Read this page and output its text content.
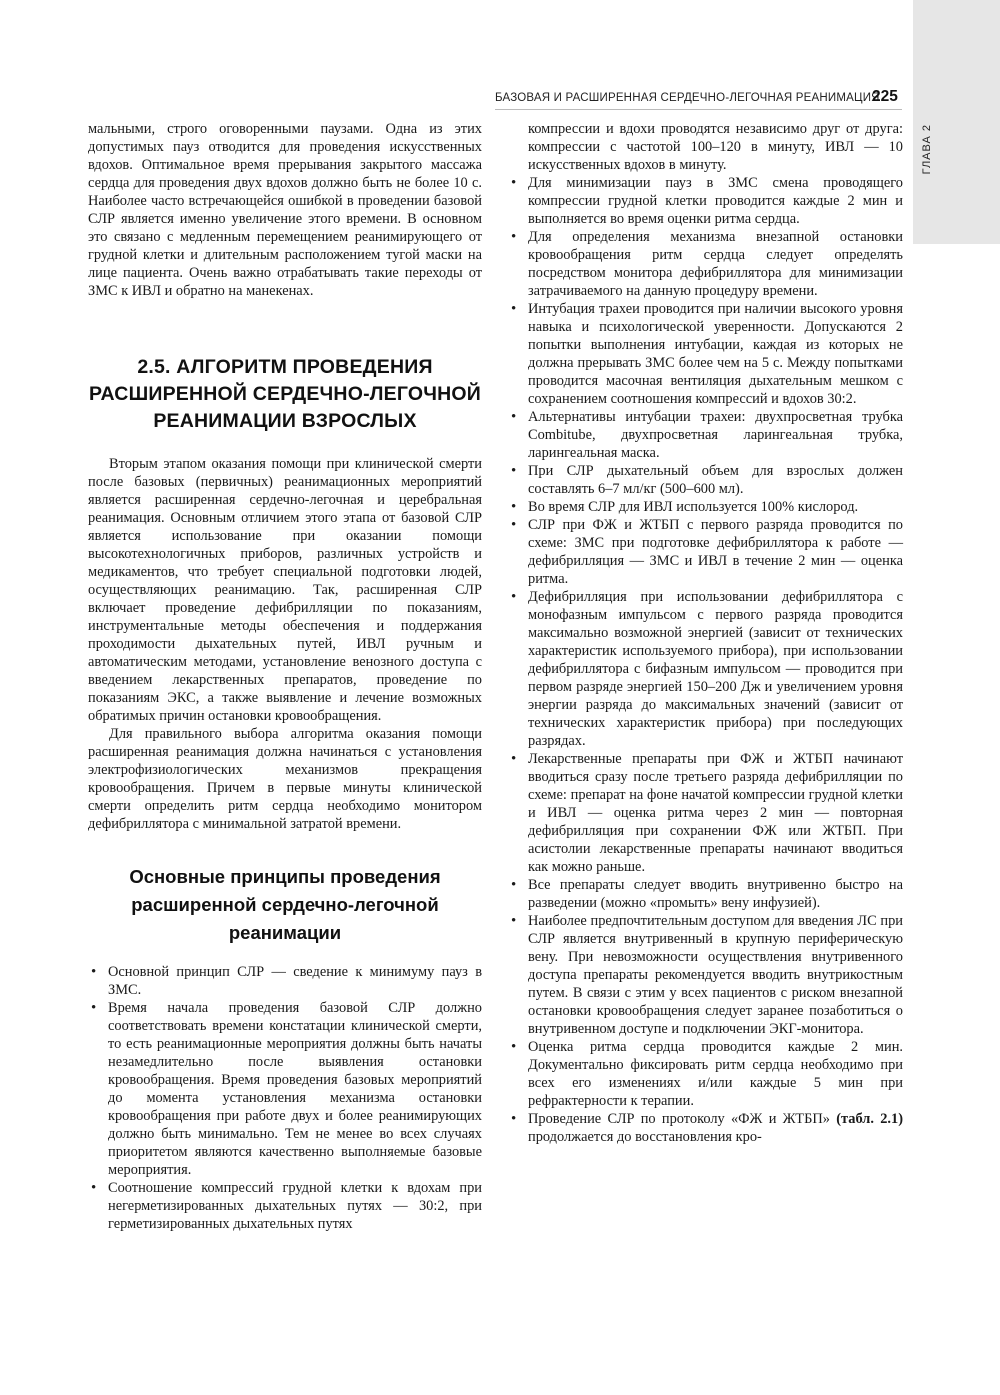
ГЛАВА 2
БАЗОВАЯ И РАСШИРЕННАЯ СЕРДЕЧНО-ЛЕГОЧНАЯ РЕАНИМАЦИЯ
225

мальными, строго оговоренными паузами. Одна из этих допустимых пауз отводится для проведения искусственных вдохов. Оптимальное время прерывания закрытого массажа сердца для проведения двух вдохов должно быть не более 10 с. Наиболее часто встречающейся ошибкой в проведении базовой СЛР является именно увеличение этого времени. В основном это связано с медленным перемещением реанимирующего от грудной клетки и длительным расположением тугой маски на лице пациента. Очень важно отрабатывать такие переходы от ЗМС к ИВЛ и обратно на манекенах.

2.5. АЛГОРИТМ ПРОВЕДЕНИЯ
РАСШИРЕННОЙ СЕРДЕЧНО-ЛЕГОЧНОЙ
РЕАНИМАЦИИ ВЗРОСЛЫХ

Вторым этапом оказания помощи при клинической смерти после базовых (первичных) реанимационных мероприятий является расширенная сердечно-легочная и церебральная реанимация. Основным отличием этого этапа от базовой СЛР является использование при оказании помощи высокотехнологичных приборов, различных устройств и медикаментов, что требует специальной подготовки людей, осуществляющих реанимацию. Так, расширенная СЛР включает проведение дефибрилляции по показаниям, инструментальные методы обеспечения и поддержания проходимости дыхательных путей, ИВЛ ручным и автоматическим методами, установление венозного доступа с введением лекарственных препаратов, проведение по показаниям ЭКС, а также выявление и лечение возможных обратимых причин остановки кровообращения.

Для правильного выбора алгоритма оказания помощи расширенная реанимация должна начинаться с установления электрофизиологических механизмов прекращения кровообращения. Причем в первые минуты клинической смерти определить ритм сердца необходимо монитором дефибриллятора с минимальной затратой времени.

Основные принципы проведения
расширенной сердечно-легочной
реанимации
• Основной принцип СЛР — сведение к минимуму пауз в ЗМС.
• Время начала проведения базовой СЛР должно соответствовать времени констатации клинической смерти, то есть реанимационные мероприятия должны быть начаты незамедлительно после выявления остановки кровообращения. Время проведения базовых мероприятий до момента установления механизма остановки кровообращения при работе двух и более реанимирующих должно быть минимально. Тем не менее во всех случаях приоритетом являются качественно выполняемые базовые мероприятия.
• Соотношение компрессий грудной клетки к вдохам при негерметизированных дыхательных путях — 30:2, при герметизированных дыхательных путях

компрессии и вдохи проводятся независимо друг от друга: компрессии с частотой 100–120 в минуту, ИВЛ — 10 искусственных вдохов в минуту.

• Для минимизации пауз в ЗМС смена проводящего компрессии грудной клетки проводится каждые 2 мин и выполняется во время оценки ритма сердца.
• Для определения механизма внезапной остановки кровообращения ритм сердца следует определять посредством монитора дефибриллятора для минимизации затрачиваемого на данную процедуру времени.
• Интубация трахеи проводится при наличии высокого уровня навыка и психологической уверенности. Допускаются 2 попытки выполнения интубации, каждая из которых не должна прерывать ЗМС более чем на 5 с. Между попытками проводится масочная вентиляция дыхательным мешком с сохранением соотношения компрессий и вдохов 30:2.
• Альтернативы интубации трахеи: двухпросветная трубка Combitube, двухпросветная ларингеальная трубка, ларингеальная маска.
• При СЛР дыхательный объем для взрослых должен составлять 6–7 мл/кг (500–600 мл).
• Во время СЛР для ИВЛ используется 100% кислород.
• СЛР при ФЖ и ЖТБП с первого разряда проводится по схеме: ЗМС при подготовке дефибриллятора к работе — дефибрилляция — ЗМС и ИВЛ в течение 2 мин — оценка ритма.
• Дефибрилляция при использовании дефибриллятора с монофазным импульсом с первого разряда проводится максимально возможной энергией (зависит от технических характеристик используемого прибора), при использовании дефибриллятора с бифазным импульсом — проводится при первом разряде энергией 150–200 Дж и увеличением уровня энергии разряда до максимальных значений (зависит от технических характеристик прибора) при последующих разрядах.
• Лекарственные препараты при ФЖ и ЖТБП начинают вводиться сразу после третьего разряда дефибрилляции по схеме: препарат на фоне начатой компрессии грудной клетки и ИВЛ — оценка ритма через 2 мин — повторная дефибрилляция при сохранении ФЖ или ЖТБП. При асистолии лекарственные препараты начинают вводиться как можно раньше.
• Все препараты следует вводить внутривенно быстро на разведении (можно «промыть» вену инфузией).
• Наиболее предпочтительным доступом для введения ЛС при СЛР является внутривенный в крупную периферическую вену. При невозможности осуществления внутривенного доступа препараты рекомендуется вводить внутрикостным путем. В связи с этим у всех пациентов с риском внезапной остановки кровообращения следует заранее позаботиться о внутривенном доступе и подключении ЭКГ-монитора.
• Оценка ритма сердца проводится каждые 2 мин. Документально фиксировать ритм сердца необходимо при всех его изменениях и/или каждые 5 мин при рефрактерности к терапии.
• Проведение СЛР по протоколу «ФЖ и ЖТБП» (табл. 2.1) продолжается до восстановления кро-
